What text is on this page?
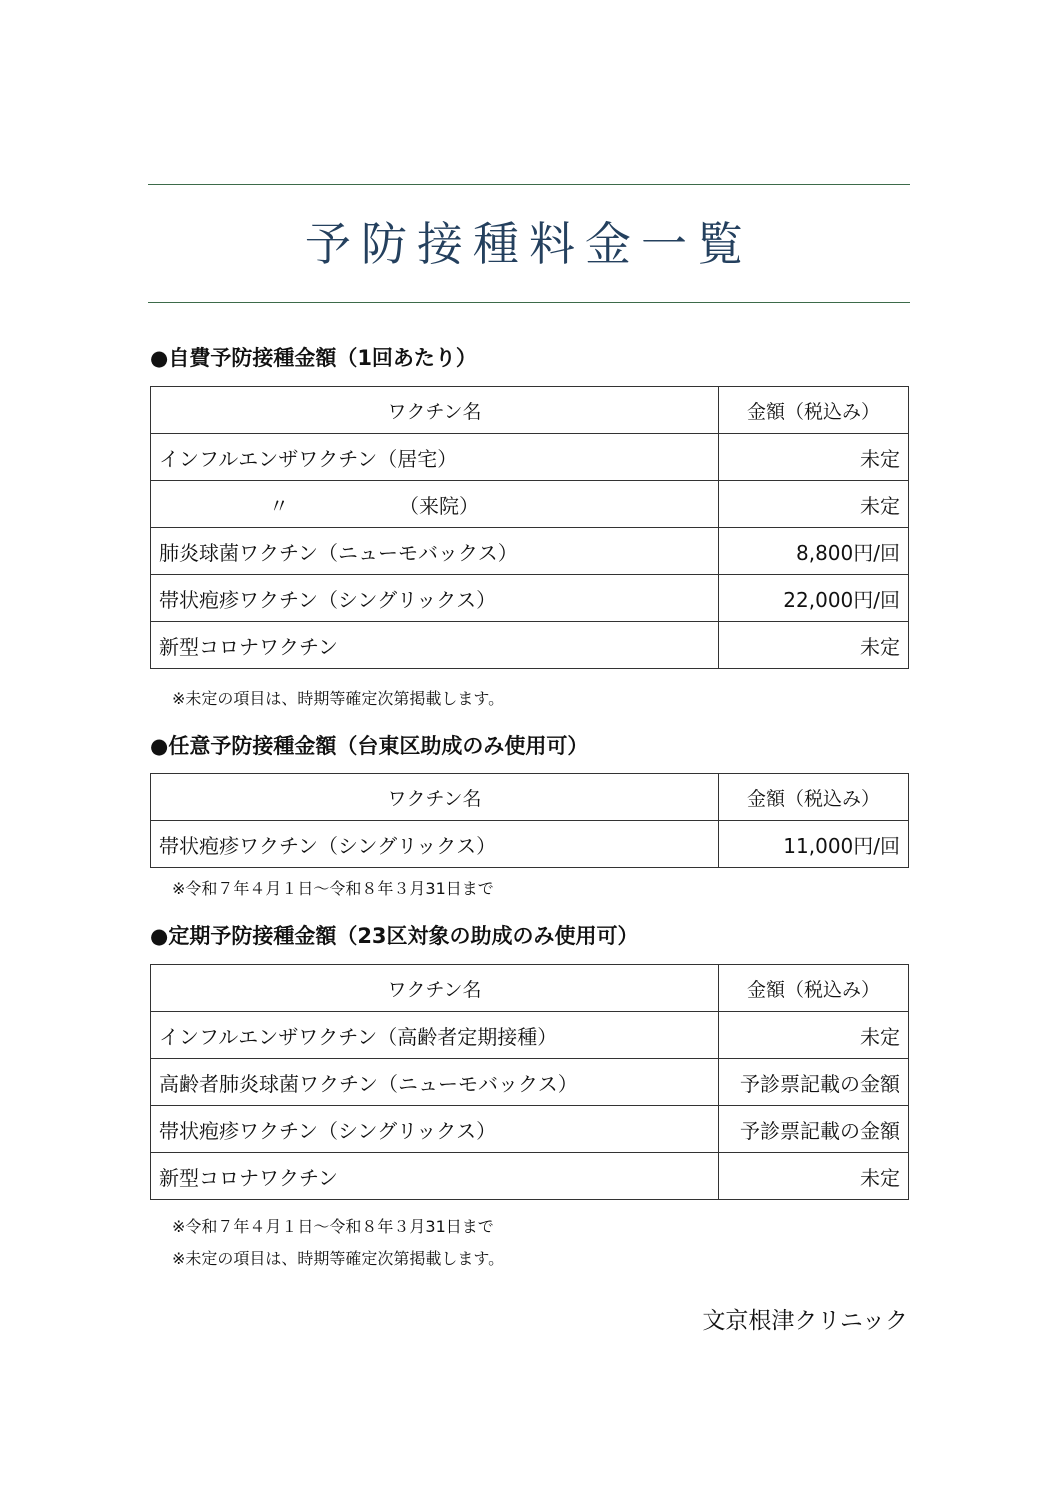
予防接種料金一覧
●自費予防接種金額（1回あたり）
ワクチン名	金額（税込み）
インフルエンザワクチン（居宅）	未定
〃 （来院）	未定
肺炎球菌ワクチン（ニューモバックス）	8,800円/回
帯状疱疹ワクチン（シングリックス）	22,000円/回
新型コロナワクチン	未定
※未定の項目は、時期等確定次第掲載します。
●任意予防接種金額（台東区助成のみ使用可）
ワクチン名	金額（税込み）
帯状疱疹ワクチン（シングリックス）	11,000円/回
※令和７年４月１日～令和８年３月31日まで
●定期予防接種金額（23区対象の助成のみ使用可）
ワクチン名	金額（税込み）
インフルエンザワクチン（高齢者定期接種）	未定
高齢者肺炎球菌ワクチン（ニューモバックス）	予診票記載の金額
帯状疱疹ワクチン（シングリックス）	予診票記載の金額
新型コロナワクチン	未定
※令和７年４月１日～令和８年３月31日まで
※未定の項目は、時期等確定次第掲載します。
文京根津クリニック
